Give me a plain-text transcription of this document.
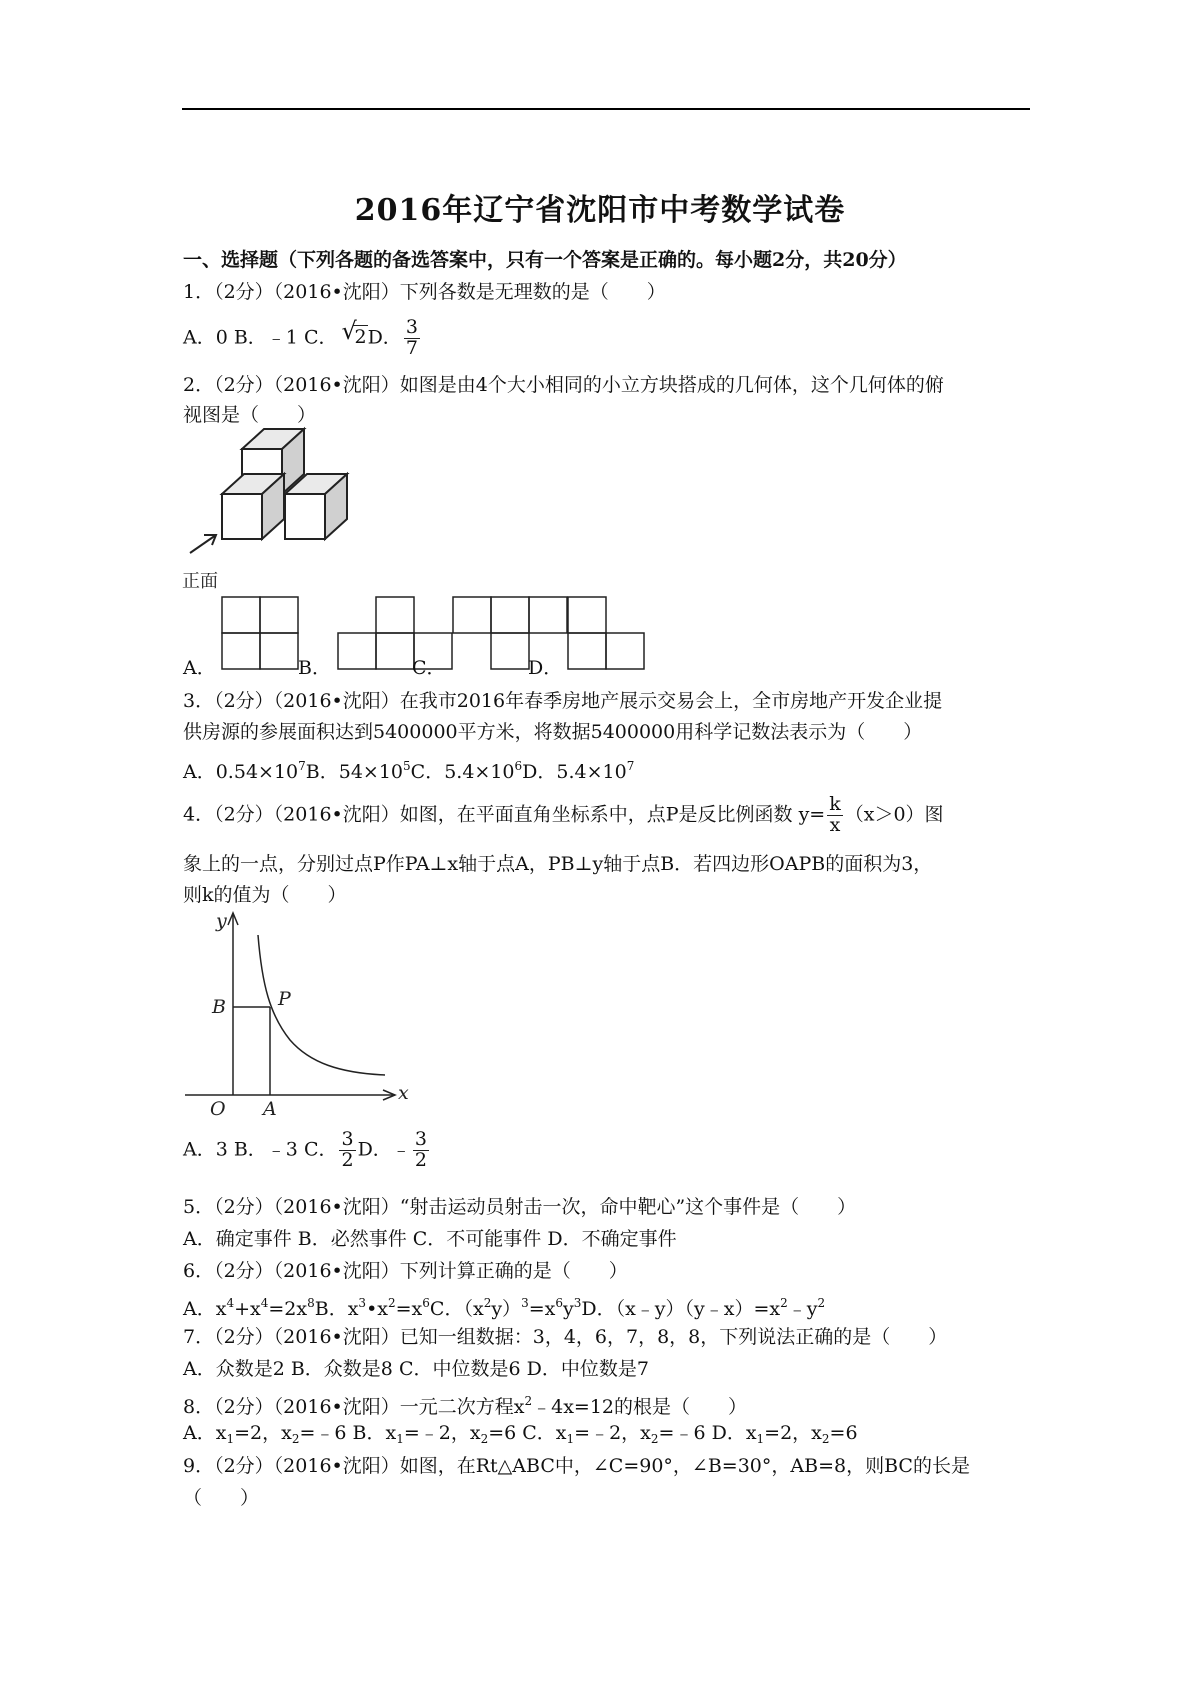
2016年辽宁省沈阳市中考数学试卷
一、选择题（下列各题的备选答案中，只有一个答案是正确的。每小题2分，共20分）
1．（2分）（2016•沈阳）下列各数是无理数的是（　　）
A．0 B．﹣1 C． √
2D． $\frac{3}{7}$
2．（2分）（2016•沈阳）如图是由4个大小相同的小立方块搭成的几何体，这个几何体的俯
视图是（　　）
正面
A．	B．	C．	D．
3．（2分）（2016•沈阳）在我市2016年春季房地产展示交易会上，全市房地产开发企业提
供房源的参展面积达到5400000平方米，将数据5400000用科学记数法表示为（　　）
A．$0.54\times 10^7B$．$54\times 10^5C$．$5.4\times 10^6D$．$5.4\times 10^7$
4．（2分）（2016•沈阳）如图，在平面直角坐标系中，点P是反比例函数 $y= \frac{k}{x} (x>0)$图
象上的一点，分别过点P作PA⊥x轴于点A，PB⊥y轴于点B．若四边形OAPB的面积为3，
则k的值为（　　）
y
x
O A
B	P
A．3 B．﹣3 C． $\frac{3}{2}$ D．﹣ $\frac{3}{2}$
5．（2分）（2016•沈阳）“射击运动员射击一次，命中靶心”这个事件是（　　）
A．确定事件 B．必然事件 C．不可能事件 D．不确定事件
6．（2分）（2016•沈阳）下列计算正确的是（　　）
A．$x^4+x^4=2x^8B$．$x^3•x^2=x^6C$．$(x^2y)^3=x^6y^3D$．$(x﹣y)(y﹣x)=x^2﹣y^2$
7．（2分）（2016•沈阳）已知一组数据：3，4，6，7，8，8，下列说法正确的是（　　）
A．众数是2 B．众数是8 C．中位数是6 D．中位数是7
8．（2分）（2016•沈阳）一元二次方程$x^2﹣4x=12$的根是（　　）
A．$x_1=2$，$x_2=﹣6$ B．$x_1=﹣2$，$x_2=6$ C．$x_1=﹣2$，$x_2=﹣6$ D．$x_1=2$，$x_2=6$
9．（2分）（2016•沈阳）如图，在Rt△ABC中，∠C=90°，∠B=30°，AB=8，则BC的长是
（　　）
